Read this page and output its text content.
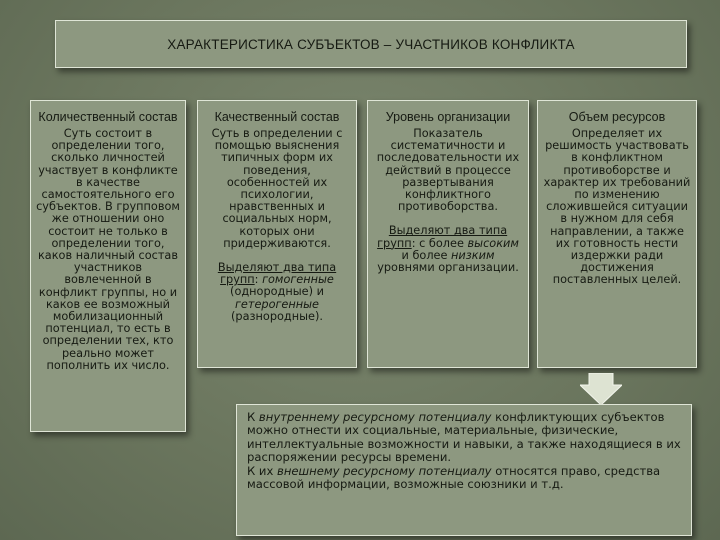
ХАРАКТЕРИСТИКА СУБЪЕКТОВ – УЧАСТНИКОВ КОНФЛИКТА
Количественный состав
Суть состоит в определении того, сколько личностей участвует в конфликте в качестве самостоятельного его субъектов. В групповом же отношении оно состоит не только в определении того, каков наличный состав участников вовлеченной в конфликт группы, но и каков ее возможный мобилизационный потенциал, то есть в определении тех, кто реально может пополнить их число.
Качественный состав
Суть в определении с помощью выяснения типичных форм их поведения, особенностей их психологии, нравственных и социальных норм, которых они придерживаются.
Выделяют два типа групп: гомогенные (однородные) и гетерогенные (разнородные).
Уровень организации
Показатель систематичности и последовательности их действий в процессе развертывания конфликтного противоборства.
Выделяют два типа групп: с более высоким и более низким уровнями организации.
Объем ресурсов
Определяет их решимость участвовать в конфликтном противоборстве и характер их требований по изменению сложившейся ситуации в нужном для себя направлении, а также их готовность нести издержки ради достижения поставленных целей.
К внутреннему ресурсному потенциалу конфликтующих субъектов можно отнести их социальные, материальные, физические, интеллектуальные возможности и навыки, а также находящиеся в их распоряжении ресурсы времени.
К их внешнему ресурсному потенциалу относятся право, средства массовой информации, возможные союзники и т.д.
